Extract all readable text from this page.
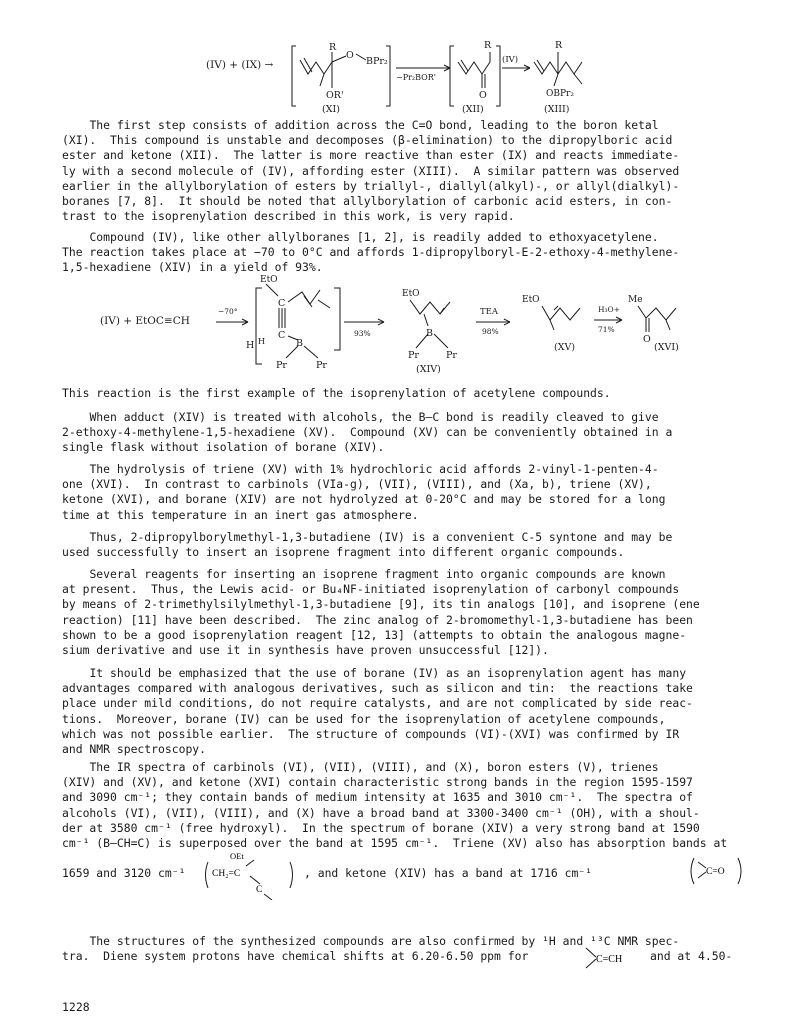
(IV) + (IX) →
R
O
BPr₂
OR'
−Pr₂BOR'
O
R
(IV)
R
OBPr₂
(XI)	(XII)	(XIII)

The first step consists of addition across the C=O bond, leading to the boron ketal
(XI).  This compound is unstable and decomposes (β-elimination) to the dipropylboric acid
ester and ketone (XII).  The latter is more reactive than ester (IX) and reacts immediate-
ly with a second molecule of (IV), affording ester (XIII).  A similar pattern was observed
earlier in the allylborylation of esters by triallyl-, diallyl(alkyl)-, or allyl(dialkyl)-
boranes [7, 8].  It should be noted that allylborylation of carbonic acid esters, in con-
trast to the isoprenylation described in this work, is very rapid.

Compound (IV), like other allylboranes [1, 2], is readily added to ethoxyacetylene.
The reaction takes place at −70 to 0°C and affords 1-dipropylboryl-E-2-ethoxy-4-methylene-
1,5-hexadiene (XIV) in a yield of 93%.

(IV) + EtOC≡CH
−70°
EtO
C
C
H	B
H
Pr	Pr
93%
EtO
B
Pr	Pr
(XIV)
TEA
98%
EtO
(XV)
H₃O+
71%
Me
O
(XVI)

This reaction is the first example of the isoprenylation of acetylene compounds.

When adduct (XIV) is treated with alcohols, the B—C bond is readily cleaved to give
2-ethoxy-4-methylene-1,5-hexadiene (XV).  Compound (XV) can be conveniently obtained in a
single flask without isolation of borane (XIV).

The hydrolysis of triene (XV) with 1% hydrochloric acid affords 2-vinyl-1-penten-4-
one (XVI).  In contrast to carbinols (VIa-g), (VII), (VIII), and (Xa, b), triene (XV),
ketone (XVI), and borane (XIV) are not hydrolyzed at 0-20°C and may be stored for a long
time at this temperature in an inert gas atmosphere.

Thus, 2-dipropylborylmethyl-1,3-butadiene (IV) is a convenient C-5 syntone and may be
used successfully to insert an isoprene fragment into different organic compounds.

Several reagents for inserting an isoprene fragment into organic compounds are known
at present.  Thus, the Lewis acid- or Bu₄NF-initiated isoprenylation of carbonyl compounds
by means of 2-trimethylsilylmethyl-1,3-butadiene [9], its tin analogs [10], and isoprene (ene
reaction) [11] have been described.  The zinc analog of 2-bromomethyl-1,3-butadiene has been
shown to be a good isoprenylation reagent [12, 13] (attempts to obtain the analogous magne-
sium derivative and use it in synthesis have proven unsuccessful [12]).

It should be emphasized that the use of borane (IV) as an isoprenylation agent has many
advantages compared with analogous derivatives, such as silicon and tin:  the reactions take
place under mild conditions, do not require catalysts, and are not complicated by side reac-
tions.  Moreover, borane (IV) can be used for the isoprenylation of acetylene compounds,
which was not possible earlier.  The structure of compounds (VI)-(XVI) was confirmed by IR
and NMR spectroscopy.

The IR spectra of carbinols (VI), (VII), (VIII), and (X), boron esters (V), trienes
(XIV) and (XV), and ketone (XVI) contain characteristic strong bands in the region 1595-1597
and 3090 cm⁻¹; they contain bands of medium intensity at 1635 and 3010 cm⁻¹.  The spectra of
alcohols (VI), (VII), (VIII), and (X) have a broad band at 3300-3400 cm⁻¹ (OH), with a shoul-
der at 3580 cm⁻¹ (free hydroxyl).  In the spectrum of borane (XIV) a very strong band at 1590
cm⁻¹ (B—CH=C) is superposed over the band at 1595 cm⁻¹.  Triene (XV) also has absorption bands at

1659 and 3120 cm⁻¹
OEt
CH₂=C
C
, and ketone (XIV) has a band at 1716 cm⁻¹	C=O

The structures of the synthesized compounds are also confirmed by ¹H and ¹³C NMR spec-
tra.  Diene system protons have chemical shifts at 6.20-6.50 ppm for	C=CH and at 4.50-
1228
